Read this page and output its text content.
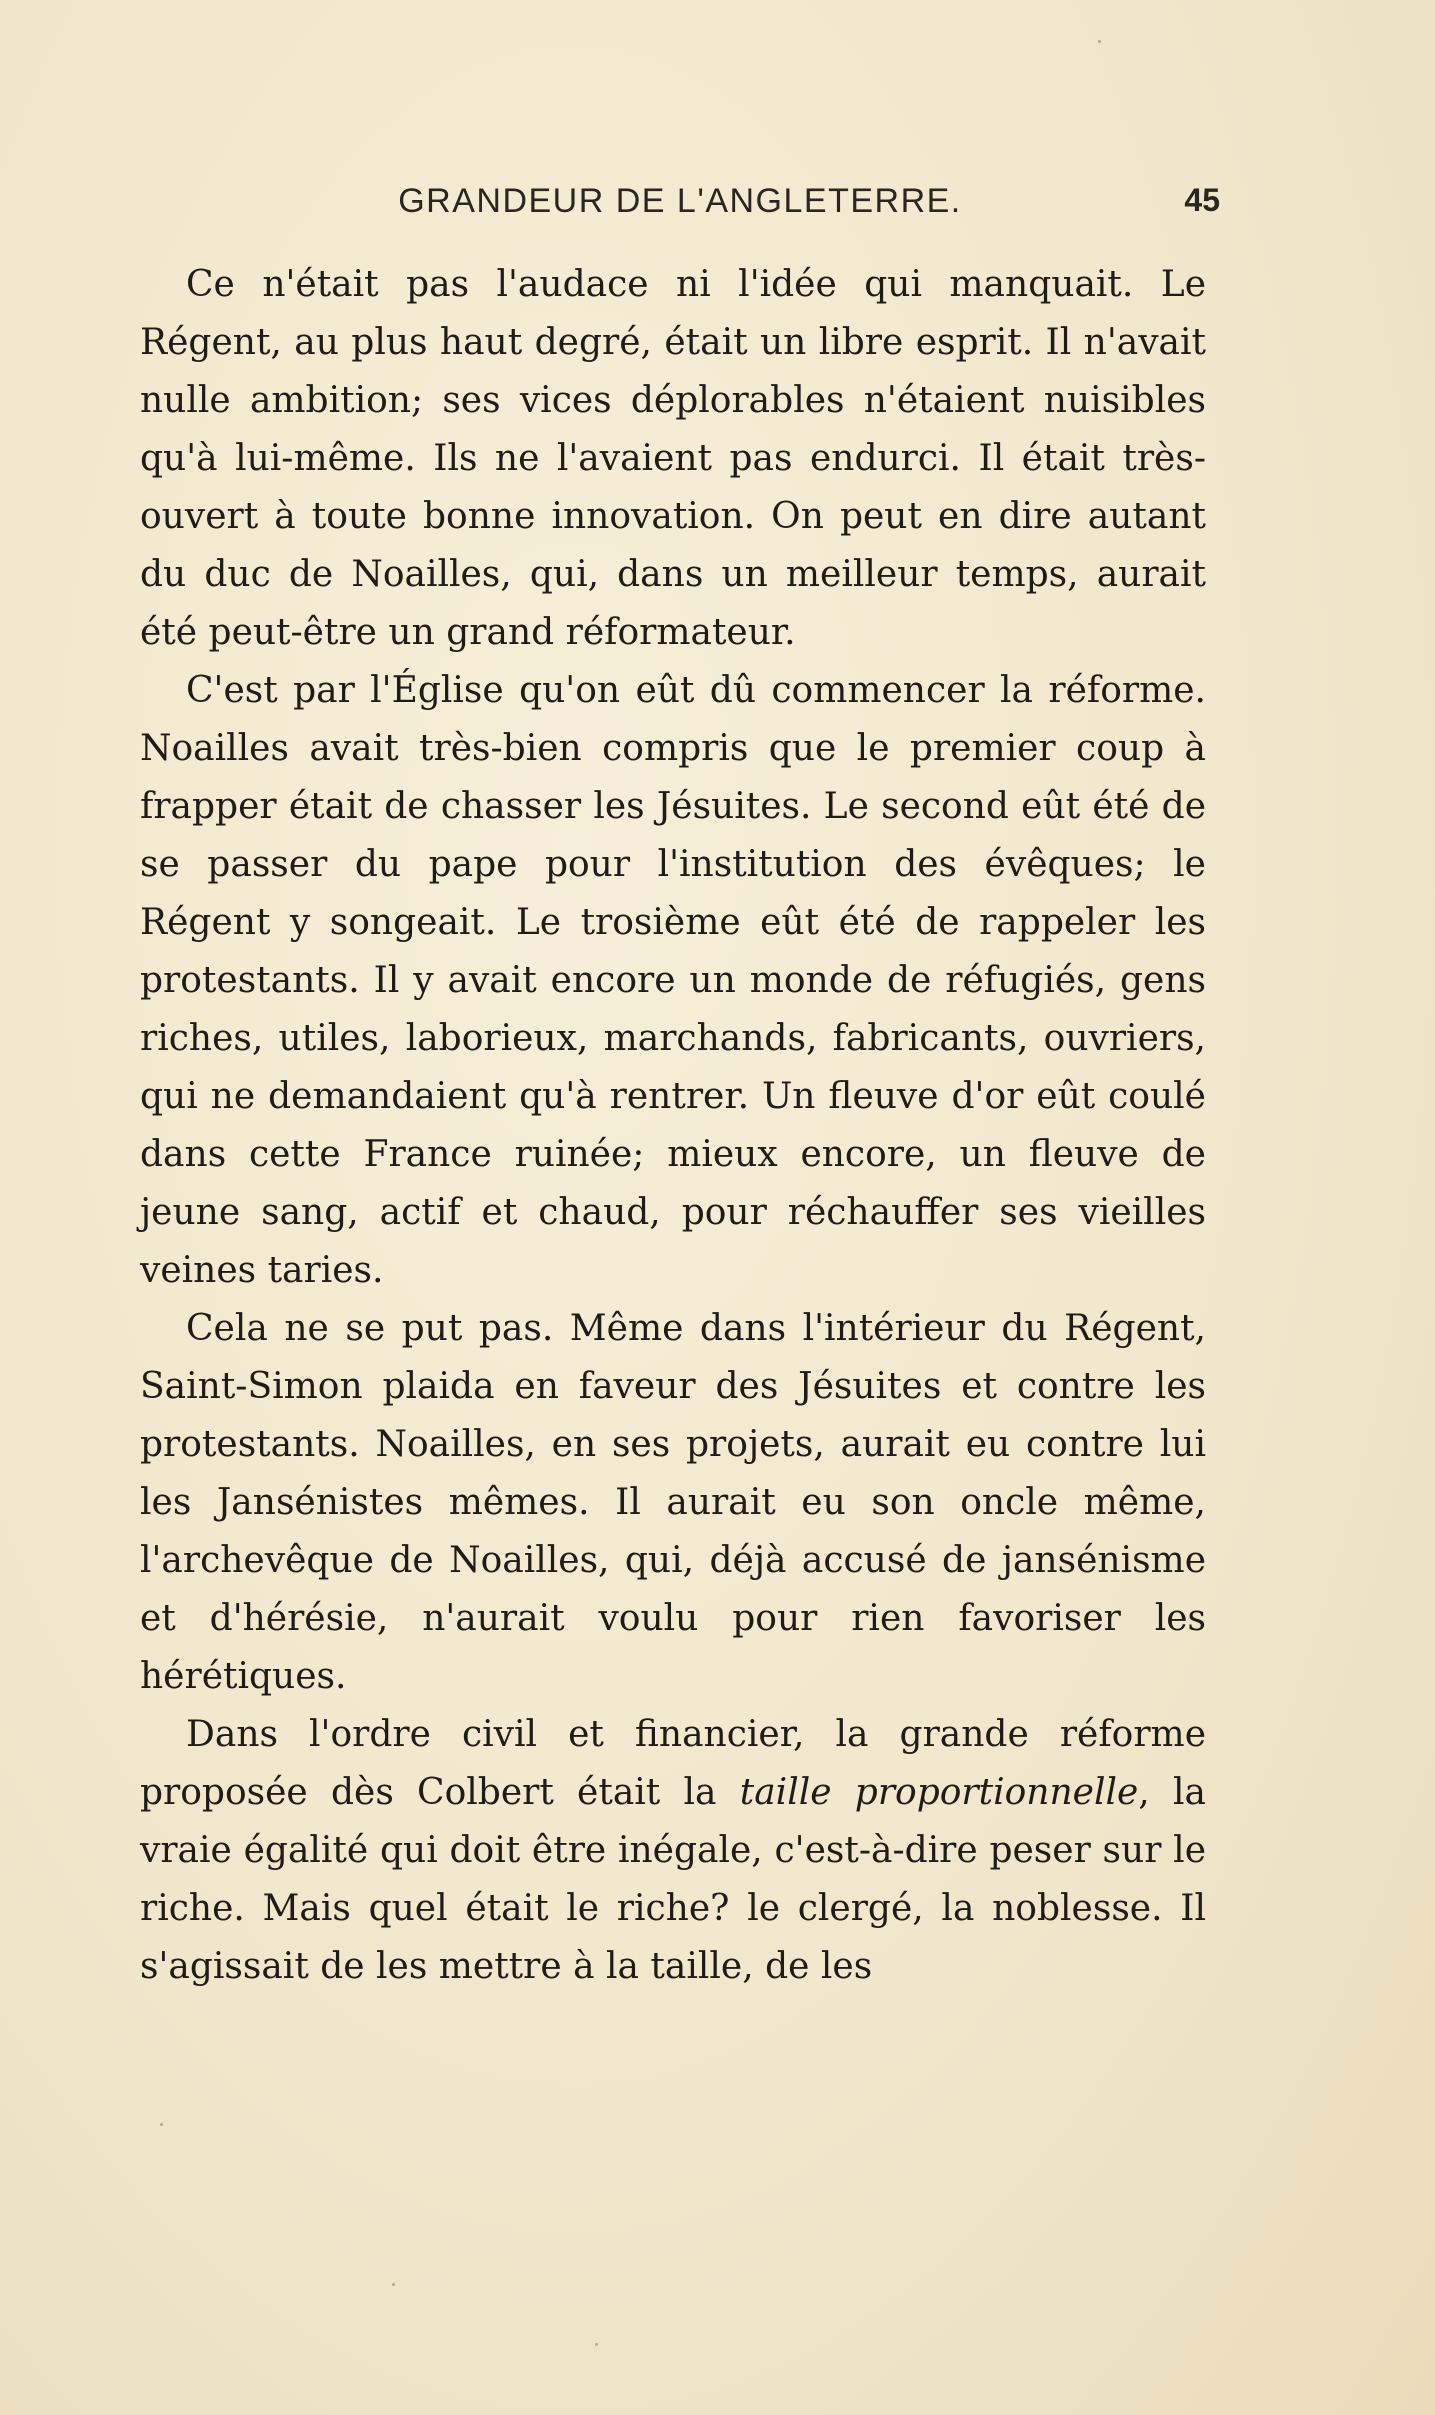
GRANDEUR DE L'ANGLETERRE.	45

Ce n'était pas l'audace ni l'idée qui manquait. Le Régent, au plus haut degré, était un libre esprit. Il n'avait nulle ambition; ses vices déplorables n'étaient nuisibles qu'à lui-même. Ils ne l'avaient pas endurci. Il était très-ouvert à toute bonne innovation. On peut en dire autant du duc de Noailles, qui, dans un meilleur temps, aurait été peut-être un grand réformateur.

C'est par l'Église qu'on eût dû commencer la réforme. Noailles avait très-bien compris que le premier coup à frapper était de chasser les Jésuites. Le second eût été de se passer du pape pour l'institution des évêques; le Régent y songeait. Le trosième eût été de rappeler les protestants. Il y avait encore un monde de réfugiés, gens riches, utiles, laborieux, marchands, fabricants, ouvriers, qui ne demandaient qu'à rentrer. Un fleuve d'or eût coulé dans cette France ruinée; mieux encore, un fleuve de jeune sang, actif et chaud, pour réchauffer ses vieilles veines taries.

Cela ne se put pas. Même dans l'intérieur du Régent, Saint-Simon plaida en faveur des Jésuites et contre les protestants. Noailles, en ses projets, aurait eu contre lui les Jansénistes mêmes. Il aurait eu son oncle même, l'archevêque de Noailles, qui, déjà accusé de jansénisme et d'hérésie, n'aurait voulu pour rien favoriser les hérétiques.

Dans l'ordre civil et financier, la grande réforme proposée dès Colbert était la taille proportionnelle, la vraie égalité qui doit être inégale, c'est-à-dire peser sur le riche. Mais quel était le riche? le clergé, la noblesse. Il s'agissait de les mettre à la taille, de les
